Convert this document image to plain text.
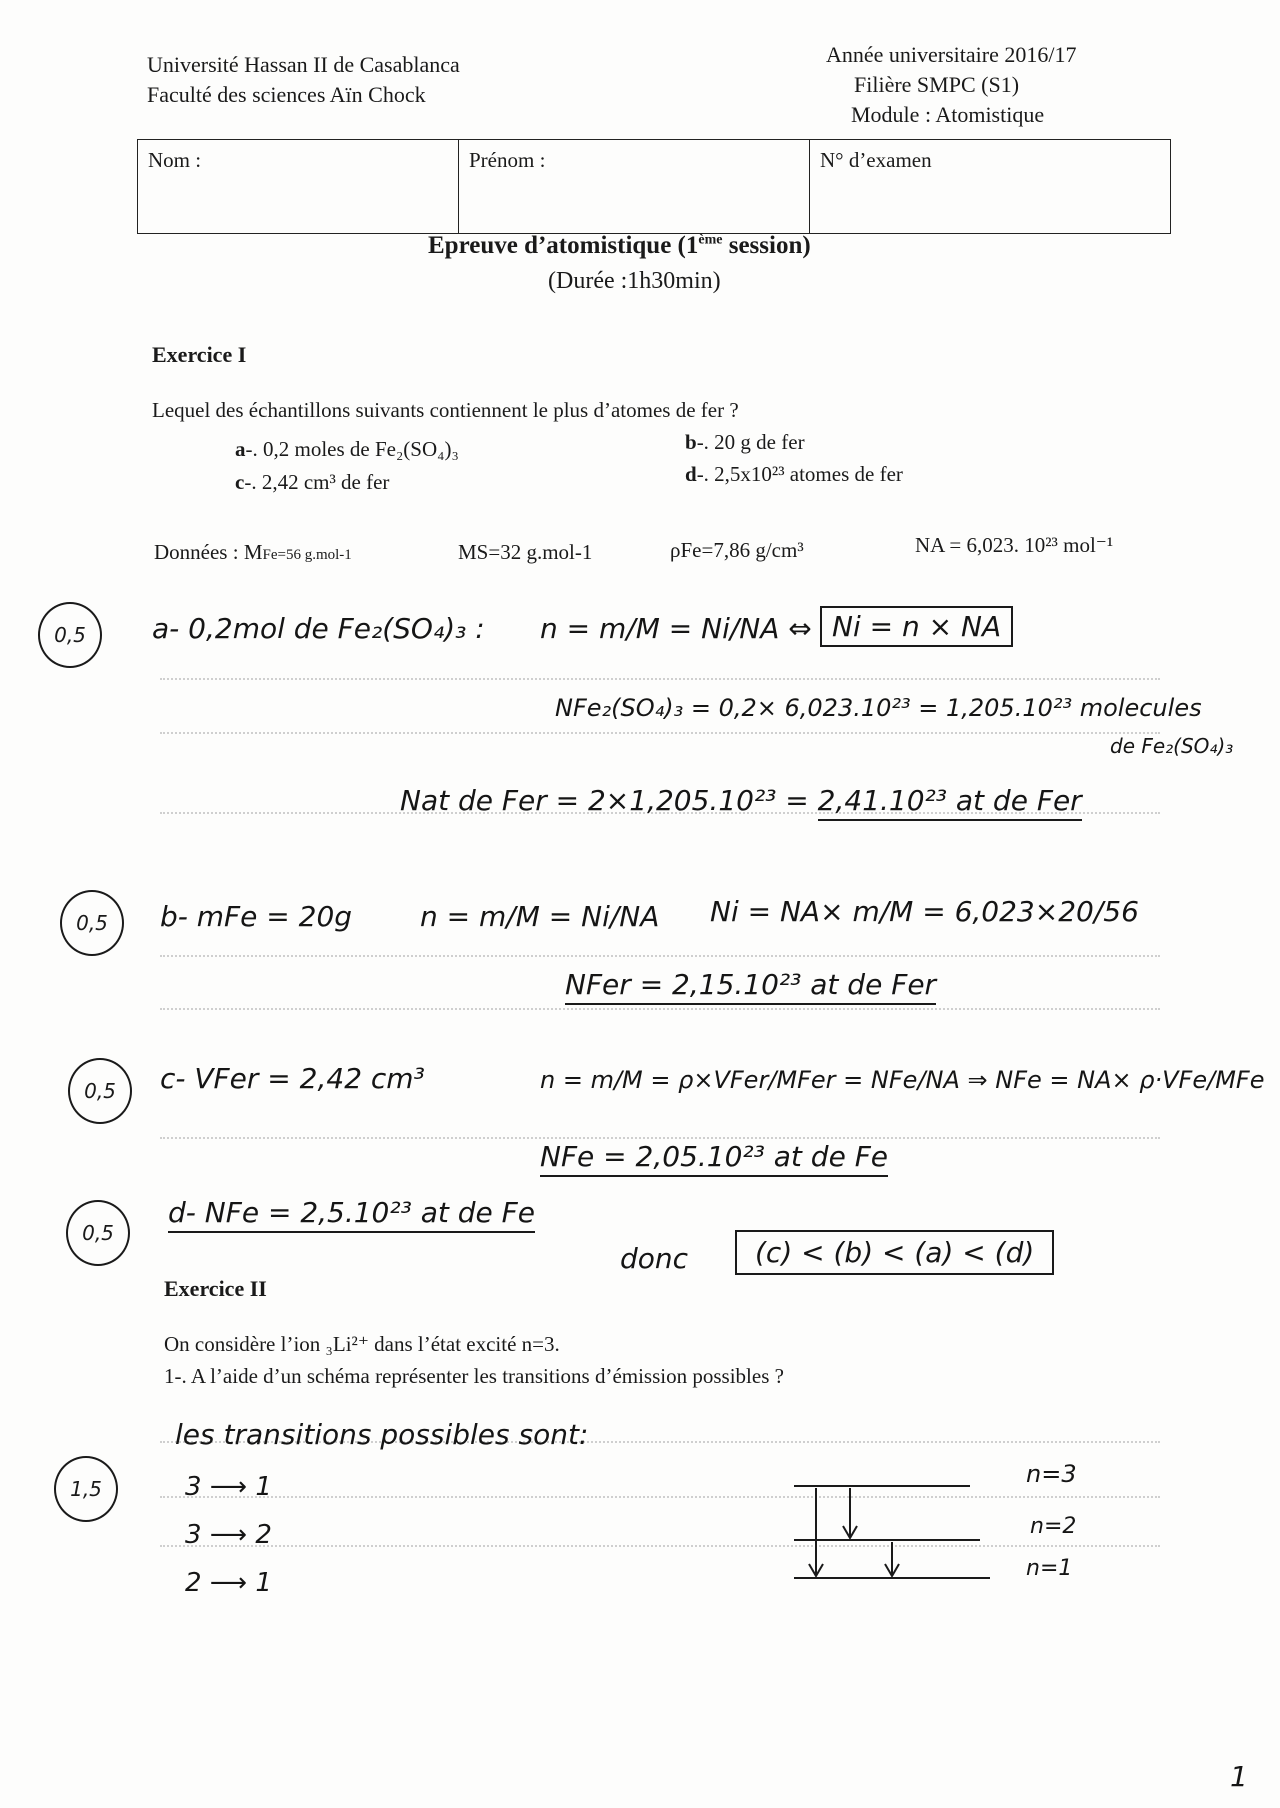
Université Hassan II de Casablanca
Faculté des sciences Aïn Chock
Année universitaire 2016/17
Filière SMPC (S1)
Module : Atomistique
Nom :	Prénom :	N° d’examen
Epreuve d’atomistique (1ème session)
(Durée :1h30min)
Exercice I
Lequel des échantillons suivants contiennent le plus d’atomes de fer ?
a-. 0,2 moles de Fe₂(SO₄)₃	b-. 20 g de fer
c-. 2,42 cm³ de fer	d-. 2,5x10²³ atomes de fer
Données : MFe=56 g.mol-1	MS=32 g.mol-1	ρFe=7,86 g/cm³	NA = 6,023. 10²³ mol⁻¹
0,5
0,5
0,5
0,5
1,5
a- 0,2mol de Fe₂(SO₄)₃ : n = m/M = Ni/NA ⇔ Ni = n × NA
NFe₂(SO₄)₃ = 0,2× 6,023.10²³ = 1,205.10²³ molecules
de Fe₂(SO₄)₃
Nat de Fer = 2×1,205.10²³ = 2,41.10²³ at de Fer
b- mFe = 20g n = m/M = Ni/NA Ni = NA× m/M = 6,023×20/56
NFer = 2,15.10²³ at de Fer
c- VFer = 2,42 cm³	n = m/M = ρ×VFer/MFer = NFe/NA ⇒ NFe = NA× ρ·VFe/MFe
NFe = 2,05.10²³ at de Fe
d- NFe = 2,5.10²³ at de Fe
donc	(c) < (b) < (a) < (d)
Exercice II
On considère l’ion ₃Li²⁺ dans l’état excité n=3.
1-. A l’aide d’un schéma représenter les transitions d’émission possibles ?
les transitions possibles sont:
3 ⟶ 1
3 ⟶ 2
2 ⟶ 1
n=3
n=2
n=1
1
